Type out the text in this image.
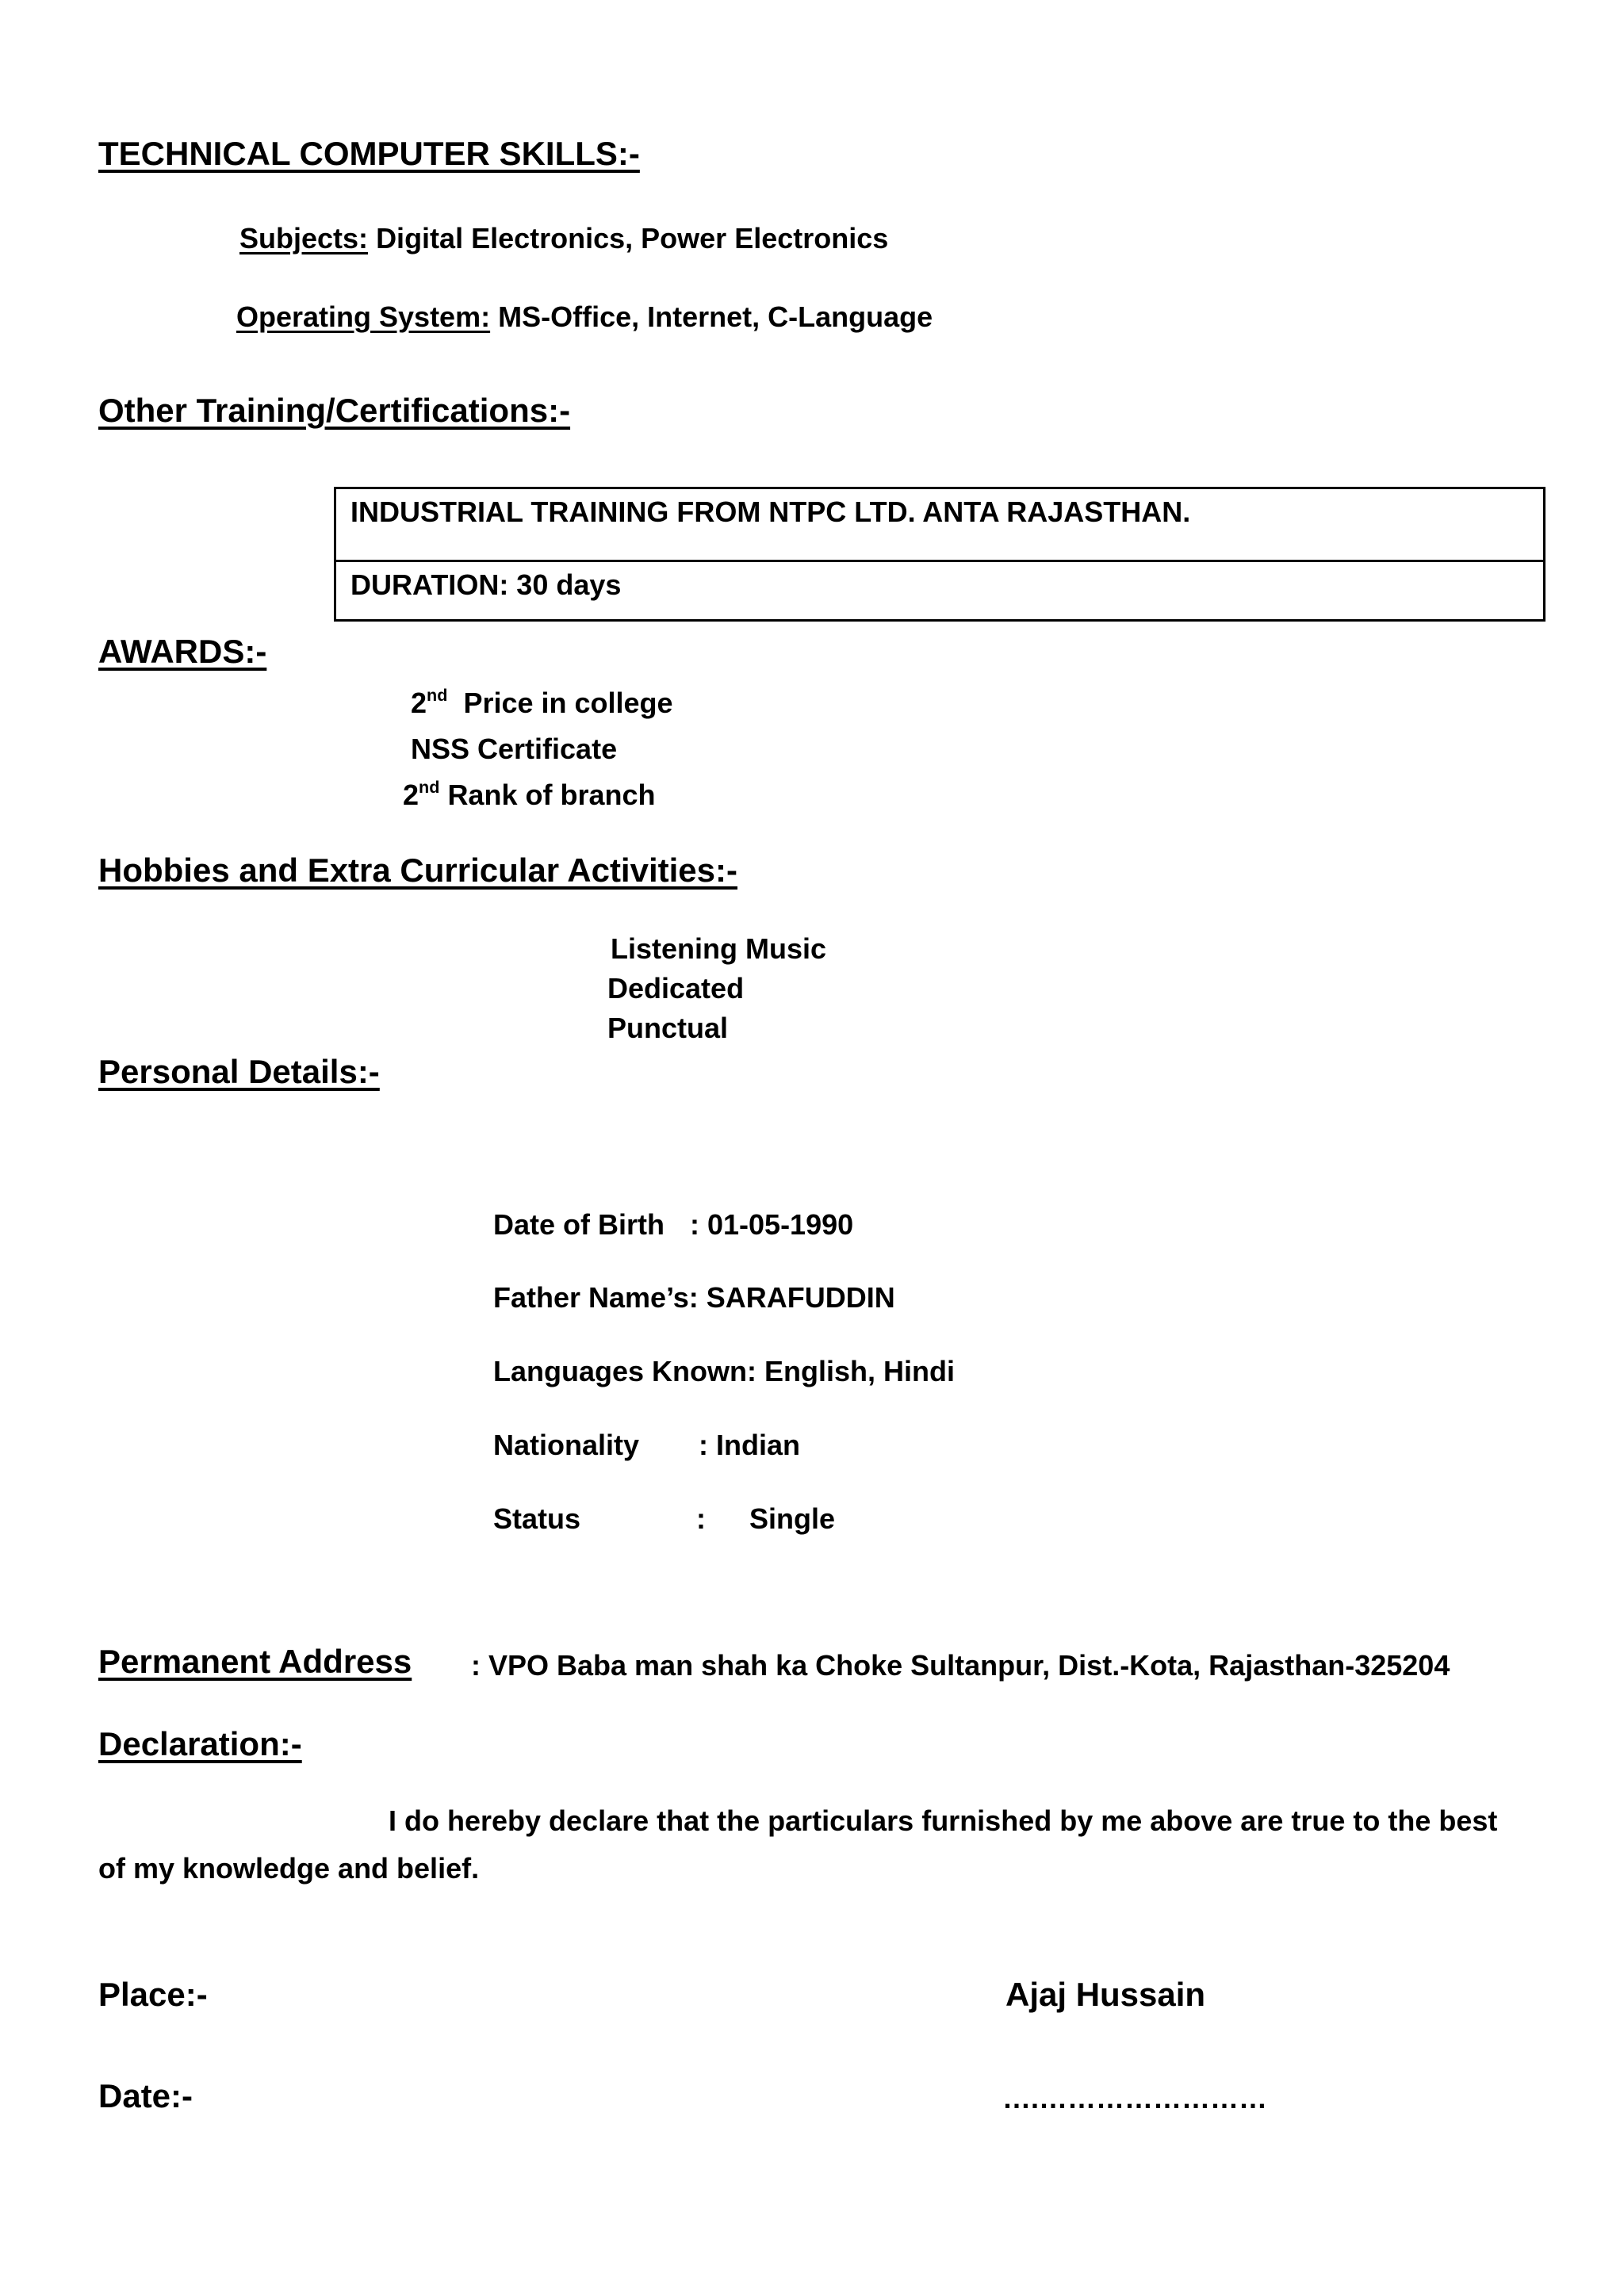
TECHNICAL COMPUTER SKILLS:-
Subjects: Digital Electronics, Power Electronics
Operating System: MS-Office, Internet, C-Language
Other Training/Certifications:-
INDUSTRIAL TRAINING FROM NTPC LTD. ANTA RAJASTHAN.
DURATION: 30 days
AWARDS:-
2nd Price in college
NSS Certificate
2nd Rank of branch
Hobbies and Extra Curricular Activities:-
Listening Music
Dedicated
Punctual
Personal Details:-
Date of Birth : 01-05-1990
Father Name’s: SARAFUDDIN
Languages Known: English, Hindi
Nationality : Indian
Status	: Single
Permanent Address : VPO Baba man shah ka Choke Sultanpur, Dist.-Kota, Rajasthan-325204
Declaration:-
I do hereby declare that the particulars furnished by me above are true to the best
of my knowledge and belief.
Place:-	Ajaj Hussain
Date:-	….……………………
